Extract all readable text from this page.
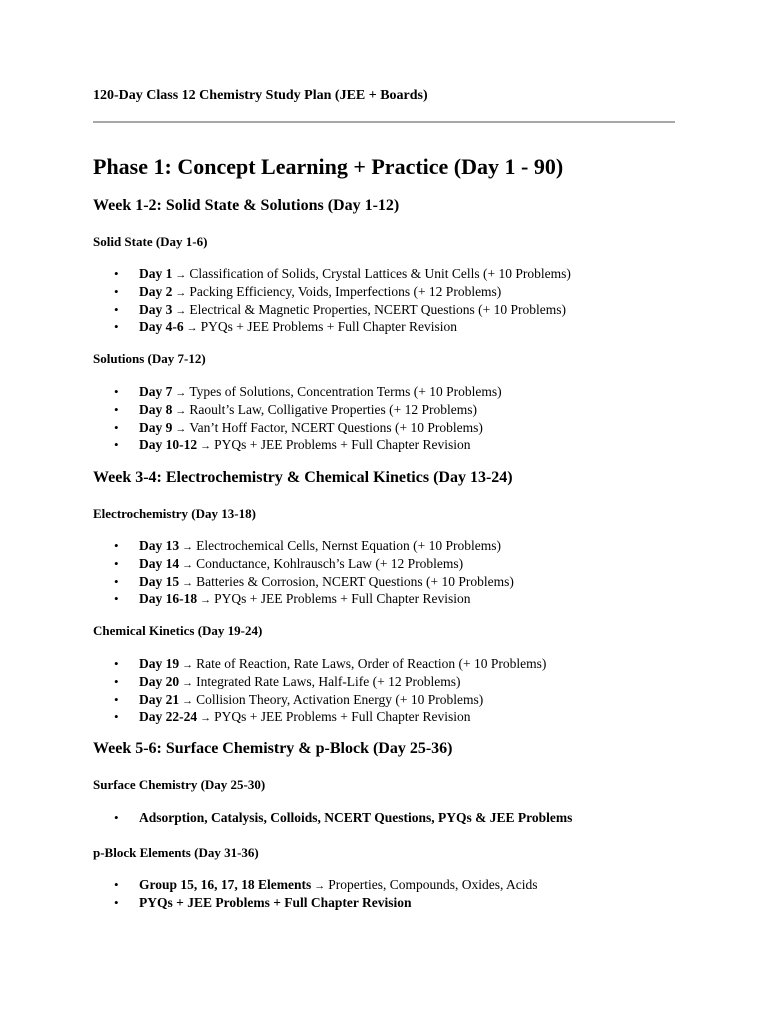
120-Day Class 12 Chemistry Study Plan (JEE + Boards)

Phase 1: Concept Learning + Practice (Day 1 - 90)
Week 1-2: Solid State & Solutions (Day 1-12)
Solid State (Day 1-6)
• Day 1 → Classification of Solids, Crystal Lattices & Unit Cells (+ 10 Problems)
• Day 2 → Packing Efficiency, Voids, Imperfections (+ 12 Problems)
• Day 3 → Electrical & Magnetic Properties, NCERT Questions (+ 10 Problems)
• Day 4-6 → PYQs + JEE Problems + Full Chapter Revision
Solutions (Day 7-12)
• Day 7 → Types of Solutions, Concentration Terms (+ 10 Problems)
• Day 8 → Raoult’s Law, Colligative Properties (+ 12 Problems)
• Day 9 → Van’t Hoff Factor, NCERT Questions (+ 10 Problems)
• Day 10-12 → PYQs + JEE Problems + Full Chapter Revision
Week 3-4: Electrochemistry & Chemical Kinetics (Day 13-24)
Electrochemistry (Day 13-18)
• Day 13 → Electrochemical Cells, Nernst Equation (+ 10 Problems)
• Day 14 → Conductance, Kohlrausch’s Law (+ 12 Problems)
• Day 15 → Batteries & Corrosion, NCERT Questions (+ 10 Problems)
• Day 16-18 → PYQs + JEE Problems + Full Chapter Revision
Chemical Kinetics (Day 19-24)
• Day 19 → Rate of Reaction, Rate Laws, Order of Reaction (+ 10 Problems)
• Day 20 → Integrated Rate Laws, Half-Life (+ 12 Problems)
• Day 21 → Collision Theory, Activation Energy (+ 10 Problems)
• Day 22-24 → PYQs + JEE Problems + Full Chapter Revision
Week 5-6: Surface Chemistry & p-Block (Day 25-36)
Surface Chemistry (Day 25-30)
• Adsorption, Catalysis, Colloids, NCERT Questions, PYQs & JEE Problems
p-Block Elements (Day 31-36)
• Group 15, 16, 17, 18 Elements → Properties, Compounds, Oxides, Acids
• PYQs + JEE Problems + Full Chapter Revision
